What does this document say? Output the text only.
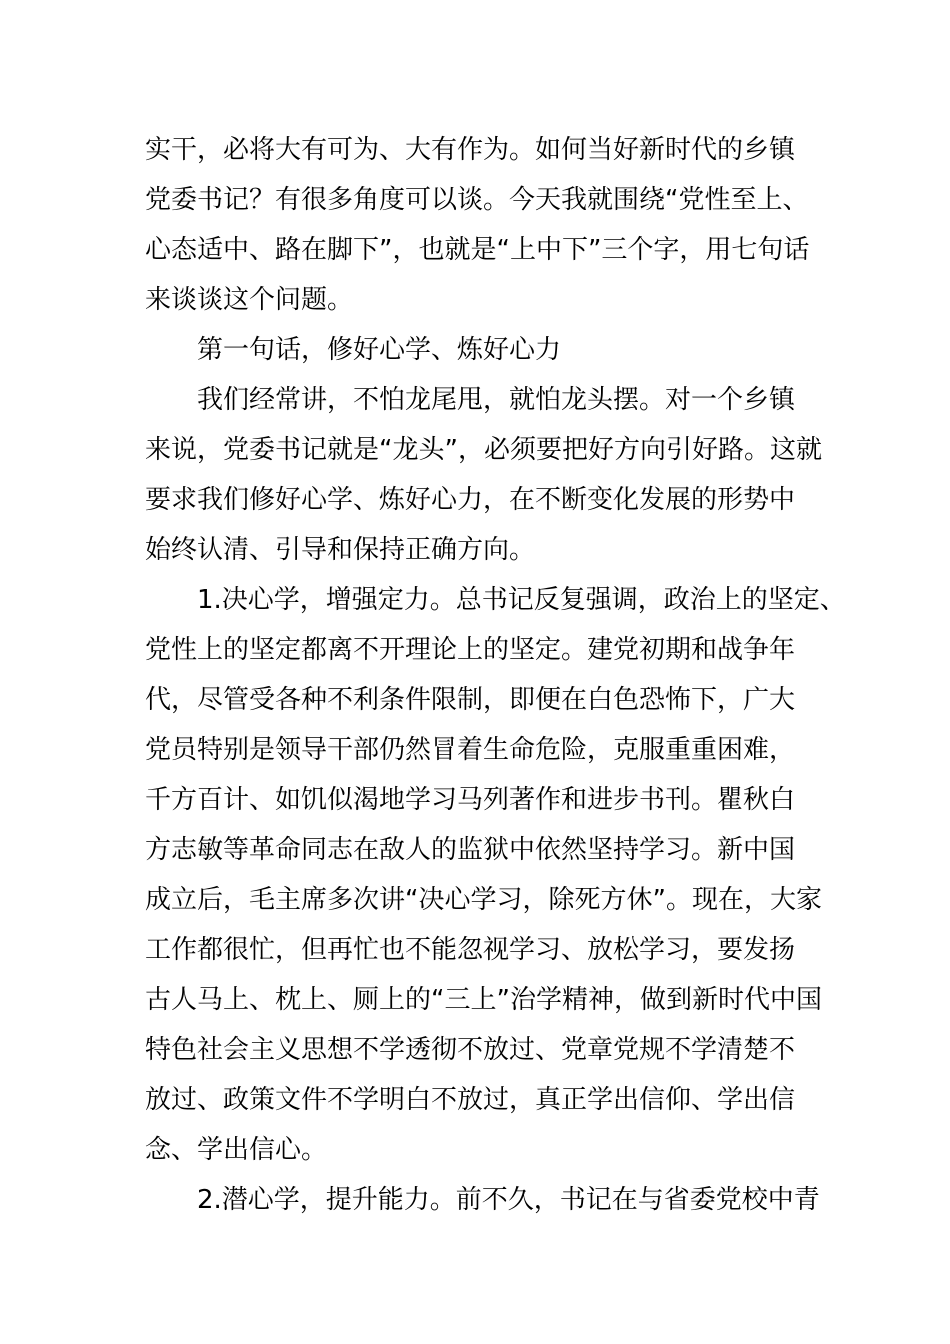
实干，必将大有可为、大有作为。如何当好新时代的乡镇
党委书记？有很多角度可以谈。今天我就围绕“党性至上、
心态适中、路在脚下”，也就是“上中下”三个字，用七句话
来谈谈这个问题。
第一句话，修好心学、炼好心力
我们经常讲，不怕龙尾甩，就怕龙头摆。对一个乡镇
来说，党委书记就是“龙头”，必须要把好方向引好路。这就
要求我们修好心学、炼好心力，在不断变化发展的形势中
始终认清、引导和保持正确方向。
1.决心学，增强定力。总书记反复强调，政治上的坚定、
党性上的坚定都离不开理论上的坚定。建党初期和战争年
代，尽管受各种不利条件限制，即便在白色恐怖下，广大
党员特别是领导干部仍然冒着生命危险，克服重重困难，
千方百计、如饥似渴地学习马列著作和进步书刊。瞿秋白
方志敏等革命同志在敌人的监狱中依然坚持学习。新中国
成立后，毛主席多次讲“决心学习，除死方休”。现在，大家
工作都很忙，但再忙也不能忽视学习、放松学习，要发扬
古人马上、枕上、厕上的“三上”治学精神，做到新时代中国
特色社会主义思想不学透彻不放过、党章党规不学清楚不
放过、政策文件不学明白不放过，真正学出信仰、学出信
念、学出信心。
2.潜心学，提升能力。前不久，书记在与省委党校中青
